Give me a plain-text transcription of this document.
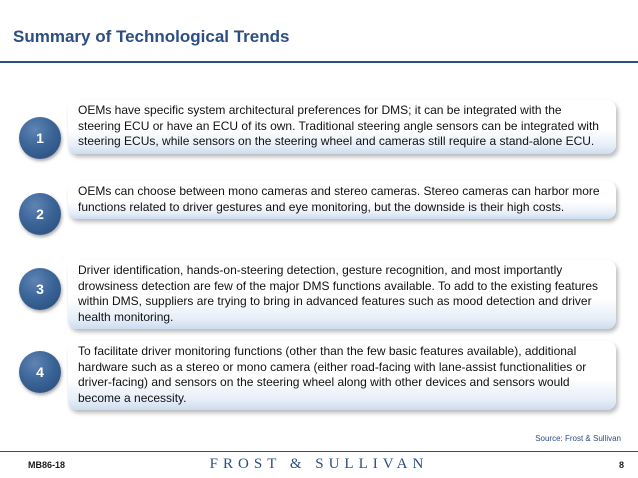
Summary of Technological Trends
1
OEMs have specific system architectural preferences for DMS; it can be integrated with the steering ECU or have an ECU of its own. Traditional steering angle sensors can be integrated with steering ECUs, while sensors on the steering wheel and cameras still require a stand-alone ECU.
2
OEMs can choose between mono cameras and stereo cameras. Stereo cameras can harbor more functions related to driver gestures and eye monitoring, but the downside is their high costs.
3
Driver identification, hands-on-steering detection, gesture recognition, and most importantly drowsiness detection are few of the major DMS functions available. To add to the existing features within DMS, suppliers are trying to bring in advanced features such as mood detection and driver health monitoring.
4
To facilitate driver monitoring functions (other than the few basic features available), additional hardware such as a stereo or mono camera (either road-facing with lane-assist functionalities or driver-facing) and sensors on the steering wheel along with other devices and sensors would become a necessity.
Source: Frost & Sullivan
MB86-18	FROST & SULLIVAN	8
